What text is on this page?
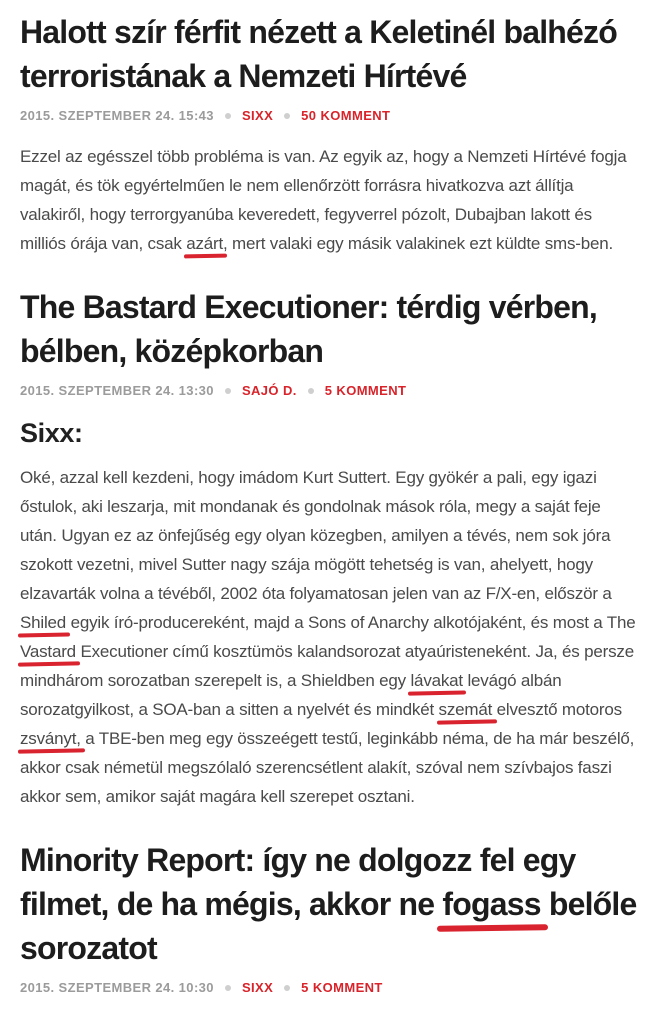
Halott szír férfit nézett a Keletinél balhézó terroristának a Nemzeti Hírtévé
2015. SZEPTEMBER 24. 15:43 SIXX 50 KOMMENT

Ezzel az egésszel több probléma is van. Az egyik az, hogy a Nemzeti Hírtévé fogja magát, és tök egyértelműen le nem ellenőrzött forrásra hivatkozva azt állítja valakiről, hogy terrorgyanúba keveredett, fegyverrel pózolt, Dubajban lakott és milliós órája van, csak azárt, mert valaki egy másik valakinek ezt küldte sms-ben.

The Bastard Executioner: térdig vérben, bélben, középkorban
2015. SZEPTEMBER 24. 13:30 SAJÓ D. 5 KOMMENT
Sixx:

Oké, azzal kell kezdeni, hogy imádom Kurt Suttert. Egy gyökér a pali, egy igazi őstulok, aki leszarja, mit mondanak és gondolnak mások róla, megy a saját feje után. Ugyan ez az önfejűség egy olyan közegben, amilyen a tévés, nem sok jóra szokott vezetni, mivel Sutter nagy szája mögött tehetség is van, ahelyett, hogy elzavarták volna a tévéből, 2002 óta folyamatosan jelen van az F/X-en, először a Shiled egyik író-producereként, majd a Sons of Anarchy alkotójaként, és most a The Vastard Executioner című kosztümös kalandsorozat atyaúristeneként. Ja, és persze mindhárom sorozatban szerepelt is, a Shieldben egy lávakat levágó albán sorozatgyilkost, a SOA-ban a sitten a nyelvét és mindkét szemát elvesztő motoros zsványt, a TBE-ben meg egy összeégett testű, leginkább néma, de ha már beszélő, akkor csak németül megszólaló szerencsétlent alakít, szóval nem szívbajos faszi akkor sem, amikor saját magára kell szerepet osztani.

Minority Report: így ne dolgozz fel egy filmet, de ha mégis, akkor ne fogass belőle sorozatot
2015. SZEPTEMBER 24. 10:30 SIXX 5 KOMMENT
